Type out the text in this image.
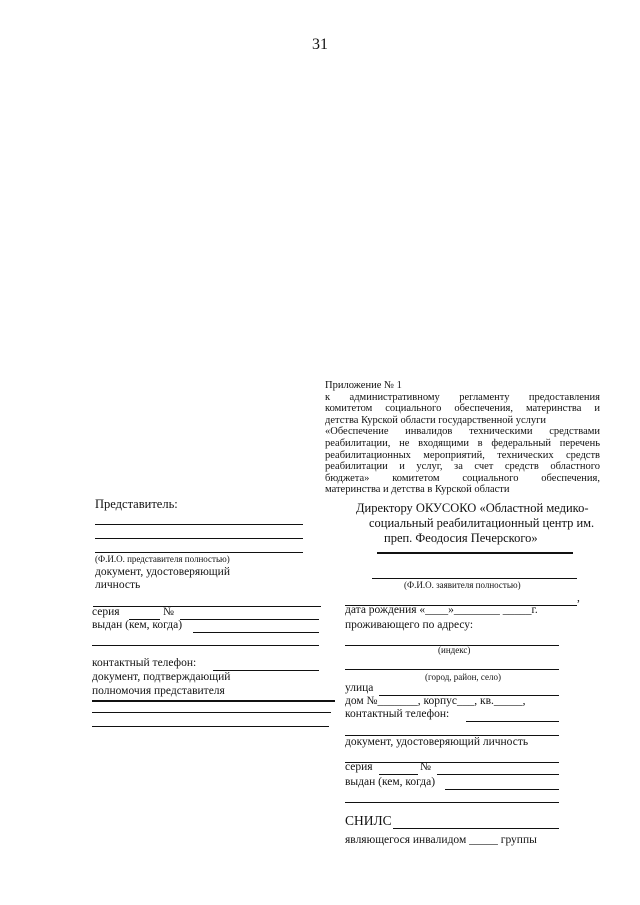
31
Приложение № 1
к административному регламенту предоставления
комитетом социального обеспечения, материнства и
детства Курской области государственной услуги
«Обеспечение инвалидов техническими средствами
реабилитации, не входящими в федеральный перечень
реабилитационных мероприятий, технических средств
реабилитации и услуг, за счет средств областного
бюджета» комитетом социального обеспечения,
материнства и детства в Курской области
Представитель:
(Ф.И.О. представителя полностью)
документ, удостоверяющий
личность
серия	№
выдан (кем, когда)
контактный телефон:
документ, подтверждающий
полномочия представителя
Директору ОКУСОКО «Областной медико-
социальный реабилитационный центр им.
преп. Феодосия Печерского»
(Ф.И.О. заявителя полностью)
,
дата рождения «____»________ _____г.
проживающего по адресу:
(индекс)
(город, район, село)
улица
дом №_______, корпус___, кв._____,
контактный телефон:
документ, удостоверяющий личность
серия	№
выдан (кем, когда)
СНИЛС
являющегося инвалидом _____ группы
